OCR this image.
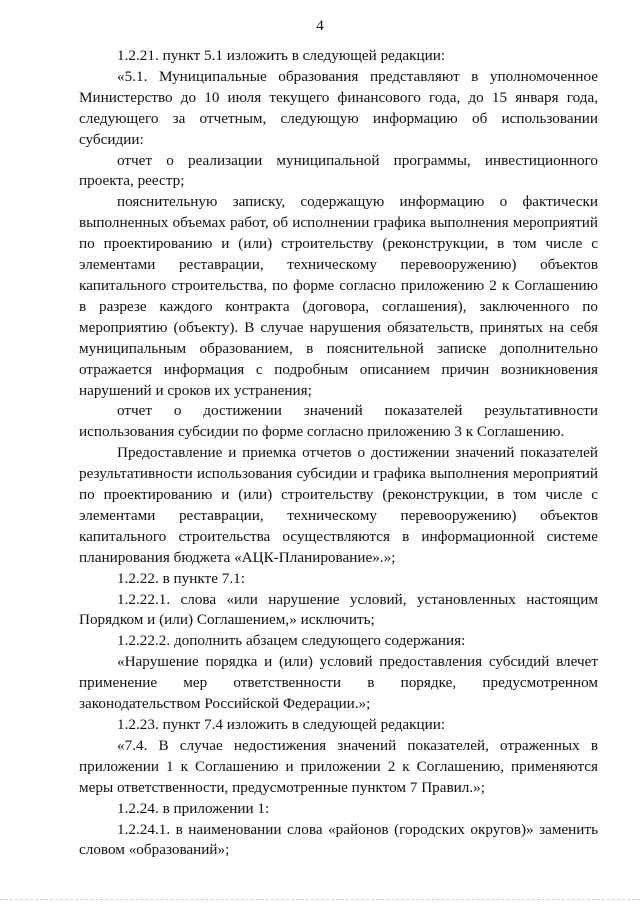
4

1.2.21. пункт 5.1 изложить в следующей редакции:

«5.1. Муниципальные образования представляют в уполномоченное Министерство до 10 июля текущего финансового года, до 15 января года, следующего за отчетным, следующую информацию об использовании субсидии:

отчет о реализации муниципальной программы, инвестиционного проекта, реестр;

пояснительную записку, содержащую информацию о фактически выполненных объемах работ, об исполнении графика выполнения мероприятий по проектированию и (или) строительству (реконструкции, в том числе с элементами реставрации, техническому перевооружению) объектов капитального строительства, по форме согласно приложению 2 к Соглашению в разрезе каждого контракта (договора, соглашения), заключенного по мероприятию (объекту). В случае нарушения обязательств, принятых на себя муниципальным образованием, в пояснительной записке дополнительно отражается информация с подробным описанием причин возникновения нарушений и сроков их устранения;

отчет о достижении значений показателей результативности использования субсидии по форме согласно приложению 3 к Соглашению.

Предоставление и приемка отчетов о достижении значений показателей результативности использования субсидии и графика выполнения мероприятий по проектированию и (или) строительству (реконструкции, в том числе с элементами реставрации, техническому перевооружению) объектов капитального строительства осуществляются в информационной системе планирования бюджета «АЦК-Планирование».»;

1.2.22. в пункте 7.1:

1.2.22.1. слова «или нарушение условий, установленных настоящим Порядком и (или) Соглашением,» исключить;

1.2.22.2. дополнить абзацем следующего содержания:

«Нарушение порядка и (или) условий предоставления субсидий влечет применение мер ответственности в порядке, предусмотренном законодательством Российской Федерации.»;

1.2.23. пункт 7.4 изложить в следующей редакции:

«7.4. В случае недостижения значений показателей, отраженных в приложении 1 к Соглашению и приложении 2 к Соглашению, применяются меры ответственности, предусмотренные пунктом 7 Правил.»;

1.2.24. в приложении 1:

1.2.24.1. в наименовании слова «районов (городских округов)» заменить словом «образований»;
